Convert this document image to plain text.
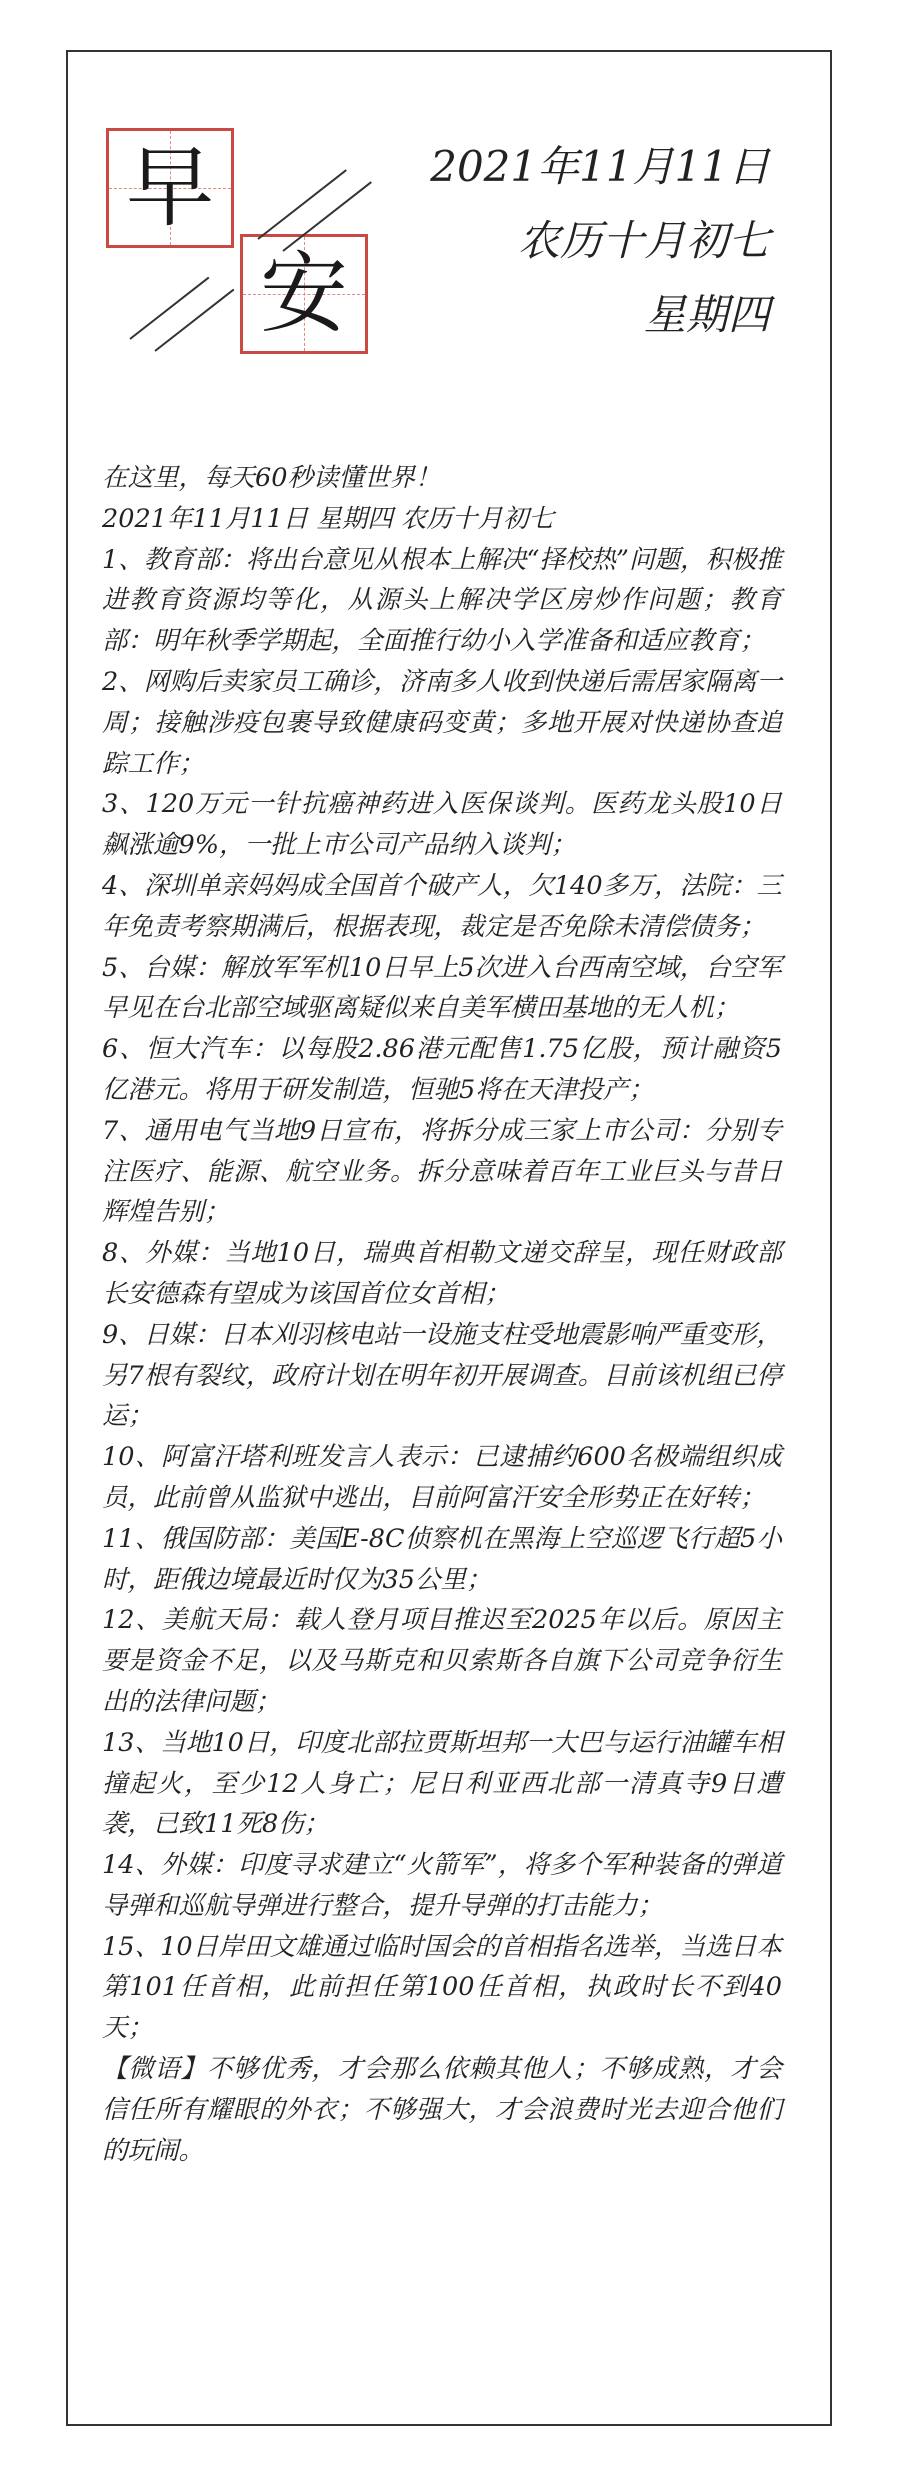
早
安
2021年11月11日
农历十月初七
星期四

在这里，每天60秒读懂世界！

2021年11月11日 星期四 农历十月初七

1、教育部：将出台意见从根本上解决“择校热”问题，积极推进教育资源均等化，从源头上解决学区房炒作问题；教育部：明年秋季学期起，全面推行幼小入学准备和适应教育；

2、网购后卖家员工确诊，济南多人收到快递后需居家隔离一周；接触涉疫包裹导致健康码变黄；多地开展对快递协查追踪工作；

3、120万元一针抗癌神药进入医保谈判。医药龙头股10日飙涨逾9%，一批上市公司产品纳入谈判；

4、深圳单亲妈妈成全国首个破产人，欠140多万，法院：三年免责考察期满后，根据表现，裁定是否免除未清偿债务；

5、台媒：解放军军机10日早上5次进入台西南空域，台空军早见在台北部空域驱离疑似来自美军横田基地的无人机；

6、恒大汽车：以每股2.86港元配售1.75亿股，预计融资5亿港元。将用于研发制造，恒驰5将在天津投产；

7、通用电气当地9日宣布，将拆分成三家上市公司：分别专注医疗、能源、航空业务。拆分意味着百年工业巨头与昔日辉煌告别；

8、外媒：当地10日，瑞典首相勒文递交辞呈，现任财政部长安德森有望成为该国首位女首相；

9、日媒：日本刈羽核电站一设施支柱受地震影响严重变形，另7根有裂纹，政府计划在明年初开展调查。目前该机组已停运；

10、阿富汗塔利班发言人表示：已逮捕约600名极端组织成员，此前曾从监狱中逃出，目前阿富汗安全形势正在好转；

11、俄国防部：美国E-8C侦察机在黑海上空巡逻飞行超5小时，距俄边境最近时仅为35公里；

12、美航天局：载人登月项目推迟至2025年以后。原因主要是资金不足，以及马斯克和贝索斯各自旗下公司竞争衍生出的法律问题；

13、当地10日，印度北部拉贾斯坦邦一大巴与运行油罐车相撞起火，至少12人身亡；尼日利亚西北部一清真寺9日遭袭，已致11死8伤；

14、外媒：印度寻求建立“火箭军”，将多个军种装备的弹道导弹和巡航导弹进行整合，提升导弹的打击能力；

15、10日岸田文雄通过临时国会的首相指名选举，当选日本第101任首相，此前担任第100任首相，执政时长不到40天；

【微语】不够优秀，才会那么依赖其他人；不够成熟，才会信任所有耀眼的外衣；不够强大，才会浪费时光去迎合他们的玩闹。
